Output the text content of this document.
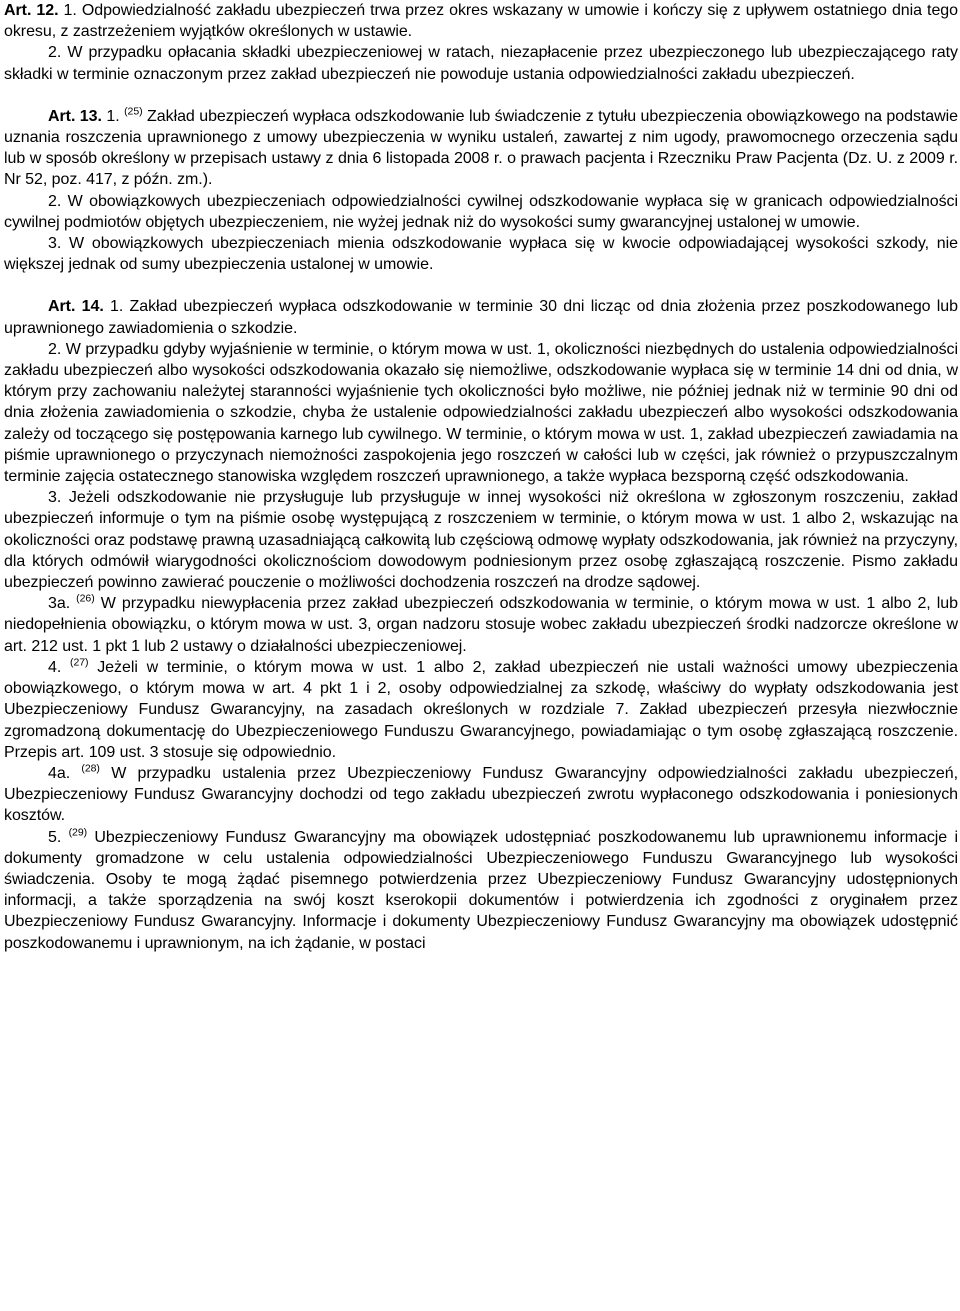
Art. 12. 1. Odpowiedzialność zakładu ubezpieczeń trwa przez okres wskazany w umowie i kończy się z upływem ostatniego dnia tego okresu, z zastrzeżeniem wyjątków określonych w ustawie.

2. W przypadku opłacania składki ubezpieczeniowej w ratach, niezapłacenie przez ubezpieczonego lub ubezpieczającego raty składki w terminie oznaczonym przez zakład ubezpieczeń nie powoduje ustania odpowiedzialności zakładu ubezpieczeń.

Art. 13. 1. $^{(25)}$ Zakład ubezpieczeń wypłaca odszkodowanie lub świadczenie z tytułu ubezpieczenia obowiązkowego na podstawie uznania roszczenia uprawnionego z umowy ubezpieczenia w wyniku ustaleń, zawartej z nim ugody, prawomocnego orzeczenia sądu lub w sposób określony w przepisach ustawy z dnia 6 listopada 2008 r. o prawach pacjenta i Rzeczniku Praw Pacjenta (Dz. U. z 2009 r. Nr 52, poz. 417, z późn. zm.).

2. W obowiązkowych ubezpieczeniach odpowiedzialności cywilnej odszkodowanie wypłaca się w granicach odpowiedzialności cywilnej podmiotów objętych ubezpieczeniem, nie wyżej jednak niż do wysokości sumy gwarancyjnej ustalonej w umowie.

3. W obowiązkowych ubezpieczeniach mienia odszkodowanie wypłaca się w kwocie odpowiadającej wysokości szkody, nie większej jednak od sumy ubezpieczenia ustalonej w umowie.

Art. 14. 1. Zakład ubezpieczeń wypłaca odszkodowanie w terminie 30 dni licząc od dnia złożenia przez poszkodowanego lub uprawnionego zawiadomienia o szkodzie.

2. W przypadku gdyby wyjaśnienie w terminie, o którym mowa w ust. 1, okoliczności niezbędnych do ustalenia odpowiedzialności zakładu ubezpieczeń albo wysokości odszkodowania okazało się niemożliwe, odszkodowanie wypłaca się w terminie 14 dni od dnia, w którym przy zachowaniu należytej staranności wyjaśnienie tych okoliczności było możliwe, nie później jednak niż w terminie 90 dni od dnia złożenia zawiadomienia o szkodzie, chyba że ustalenie odpowiedzialności zakładu ubezpieczeń albo wysokości odszkodowania zależy od toczącego się postępowania karnego lub cywilnego. W terminie, o którym mowa w ust. 1, zakład ubezpieczeń zawiadamia na piśmie uprawnionego o przyczynach niemożności zaspokojenia jego roszczeń w całości lub w części, jak również o przypuszczalnym terminie zajęcia ostatecznego stanowiska względem roszczeń uprawnionego, a także wypłaca bezsporną część odszkodowania.

3. Jeżeli odszkodowanie nie przysługuje lub przysługuje w innej wysokości niż określona w zgłoszonym roszczeniu, zakład ubezpieczeń informuje o tym na piśmie osobę występującą z roszczeniem w terminie, o którym mowa w ust. 1 albo 2, wskazując na okoliczności oraz podstawę prawną uzasadniającą całkowitą lub częściową odmowę wypłaty odszkodowania, jak również na przyczyny, dla których odmówił wiarygodności okolicznościom dowodowym podniesionym przez osobę zgłaszającą roszczenie. Pismo zakładu ubezpieczeń powinno zawierać pouczenie o możliwości dochodzenia roszczeń na drodze sądowej.

3a. $^{(26)}$ W przypadku niewypłacenia przez zakład ubezpieczeń odszkodowania w terminie, o którym mowa w ust. 1 albo 2, lub niedopełnienia obowiązku, o którym mowa w ust. 3, organ nadzoru stosuje wobec zakładu ubezpieczeń środki nadzorcze określone w art. 212 ust. 1 pkt 1 lub 2 ustawy o działalności ubezpieczeniowej.

4. $^{(27)}$ Jeżeli w terminie, o którym mowa w ust. 1 albo 2, zakład ubezpieczeń nie ustali ważności umowy ubezpieczenia obowiązkowego, o którym mowa w art. 4 pkt 1 i 2, osoby odpowiedzialnej za szkodę, właściwy do wypłaty odszkodowania jest Ubezpieczeniowy Fundusz Gwarancyjny, na zasadach określonych w rozdziale 7. Zakład ubezpieczeń przesyła niezwłocznie zgromadzoną dokumentację do Ubezpieczeniowego Funduszu Gwarancyjnego, powiadamiając o tym osobę zgłaszającą roszczenie. Przepis art. 109 ust. 3 stosuje się odpowiednio.

4a. $^{(28)}$ W przypadku ustalenia przez Ubezpieczeniowy Fundusz Gwarancyjny odpowiedzialności zakładu ubezpieczeń, Ubezpieczeniowy Fundusz Gwarancyjny dochodzi od tego zakładu ubezpieczeń zwrotu wypłaconego odszkodowania i poniesionych kosztów.

5. $^{(29)}$ Ubezpieczeniowy Fundusz Gwarancyjny ma obowiązek udostępniać poszkodowanemu lub uprawnionemu informacje i dokumenty gromadzone w celu ustalenia odpowiedzialności Ubezpieczeniowego Funduszu Gwarancyjnego lub wysokości świadczenia. Osoby te mogą żądać pisemnego potwierdzenia przez Ubezpieczeniowy Fundusz Gwarancyjny udostępnionych informacji, a także sporządzenia na swój koszt kserokopii dokumentów i potwierdzenia ich zgodności z oryginałem przez Ubezpieczeniowy Fundusz Gwarancyjny. Informacje i dokumenty Ubezpieczeniowy Fundusz Gwarancyjny ma obowiązek udostępnić poszkodowanemu i uprawnionym, na ich żądanie, w postaci
